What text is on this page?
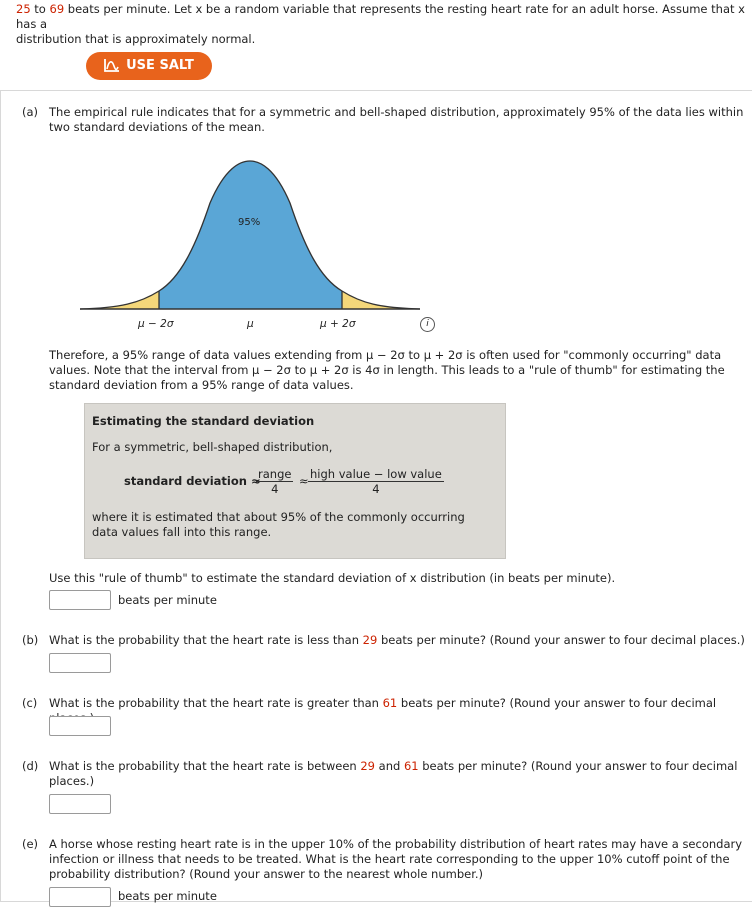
25 to 69 beats per minute. Let x be a random variable that represents the resting heart rate for an adult horse. Assume that x has a
distribution that is approximately normal.
USE SALT
(a) The empirical rule indicates that for a symmetric and bell-shaped distribution, approximately 95% of the data lies within two standard deviations of the mean.
95%
μ − 2σ	μ	μ + 2σ	i
Therefore, a 95% range of data values extending from μ − 2σ to μ + 2σ is often used for "commonly occurring" data values. Note that the interval from μ − 2σ to μ + 2σ is 4σ in length. This leads to a "rule of thumb" for estimating the standard deviation from a 95% range of data values.
Estimating the standard deviation
For a symmetric, bell-shaped distribution,
standard deviation ≈
range
4
≈ high value − low value
4
where it is estimated that about 95% of the commonly occurring data values fall into this range.
Use this "rule of thumb" to estimate the standard deviation of x distribution (in beats per minute).
beats per minute
(b) What is the probability that the heart rate is less than 29 beats per minute? (Round your answer to four decimal places.)
(c) What is the probability that the heart rate is greater than 61 beats per minute? (Round your answer to four decimal
(d) What is the probability that the heart rate is between 29 and 61 beats per minute? (Round your answer to four decimal places.)
(e) A horse whose resting heart rate is in the upper 10% of the probability distribution of heart rates may have a secondary infection or illness that needs to be treated. What is the heart rate corresponding to the upper 10% cutoff point of the probability distribution? (Round your answer to the nearest whole number.)
beats per minute
